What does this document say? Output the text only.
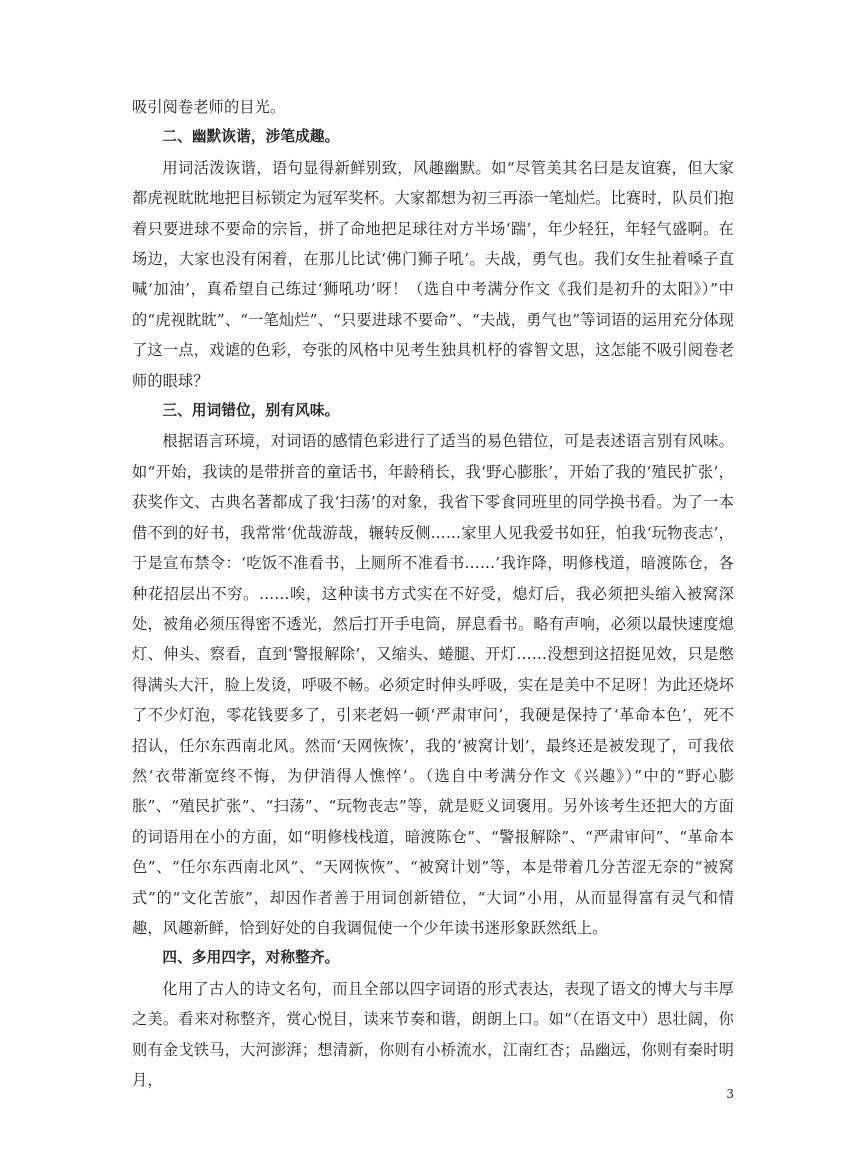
吸引阅卷老师的目光。

二、幽默诙谐，涉笔成趣。

用词活泼诙谐，语句显得新鲜别致，风趣幽默。如“尽管美其名曰是友谊赛，但大家都虎视眈眈地把目标锁定为冠军奖杯。大家都想为初三再添一笔灿烂。比赛时，队员们抱着只要进球不要命的宗旨，拼了命地把足球往对方半场‘踹’，年少轻狂，年轻气盛啊。在场边，大家也没有闲着，在那儿比试‘佛门狮子吼’。夫战，勇气也。我们女生扯着嗓子直喊‘加油’，真希望自己练过‘狮吼功’呀！（选自中考满分作文《我们是初升的太阳》）”中的“虎视眈眈”、“一笔灿烂”、“只要进球不要命”、“夫战，勇气也”等词语的运用充分体现了这一点，戏谑的色彩，夸张的风格中见考生独具机杼的睿智文思，这怎能不吸引阅卷老师的眼球？

三、用词错位，别有风味。

根据语言环境，对词语的感情色彩进行了适当的易色错位，可是表述语言别有风味。如“开始，我读的是带拼音的童话书，年龄稍长，我‘野心膨胀’，开始了我的‘殖民扩张’，获奖作文、古典名著都成了我‘扫荡’的对象，我省下零食同班里的同学换书看。为了一本借不到的好书，我常常‘优哉游哉，辗转反侧……家里人见我爱书如狂，怕我‘玩物丧志’，于是宣布禁令：‘吃饭不准看书，上厕所不准看书……’我诈降，明修栈道，暗渡陈仓，各种花招层出不穷。……唉，这种读书方式实在不好受，熄灯后，我必须把头缩入被窝深处，被角必须压得密不透光，然后打开手电筒，屏息看书。略有声响，必须以最快速度熄灯、伸头、察看，直到‘警报解除’，又缩头、蜷腿、开灯……没想到这招挺见效，只是憋得满头大汗，脸上发烫，呼吸不畅。必须定时伸头呼吸，实在是美中不足呀！为此还烧坏了不少灯泡，零花钱要多了，引来老妈一顿‘严肃审问’，我硬是保持了‘革命本色’，死不招认，任尔东西南北风。然而‘天网恢恢’，我的‘被窝计划’，最终还是被发现了，可我依然‘衣带渐宽终不悔，为伊消得人憔悴’。（选自中考满分作文《兴趣》）”中的“野心膨胀”、“殖民扩张”、“扫荡”、“玩物丧志”等，就是贬义词褒用。另外该考生还把大的方面的词语用在小的方面，如“明修栈栈道，暗渡陈仓”、“警报解除”、“严肃审问”、“革命本色”、“任尔东西南北风”、“天网恢恢”、“被窝计划”等，本是带着几分苦涩无奈的“被窝式”的“文化苦旅”，却因作者善于用词创新错位，“大词”小用，从而显得富有灵气和情趣，风趣新鲜，恰到好处的自我调侃使一个少年读书迷形象跃然纸上。

四、多用四字，对称整齐。

化用了古人的诗文名句，而且全部以四字词语的形式表达，表现了语文的博大与丰厚之美。看来对称整齐，赏心悦目，读来节奏和谐，朗朗上口。如“（在语文中）思壮阔，你则有金戈铁马，大河澎湃；想清新，你则有小桥流水，江南红杏；品幽远，你则有秦时明月，

3
